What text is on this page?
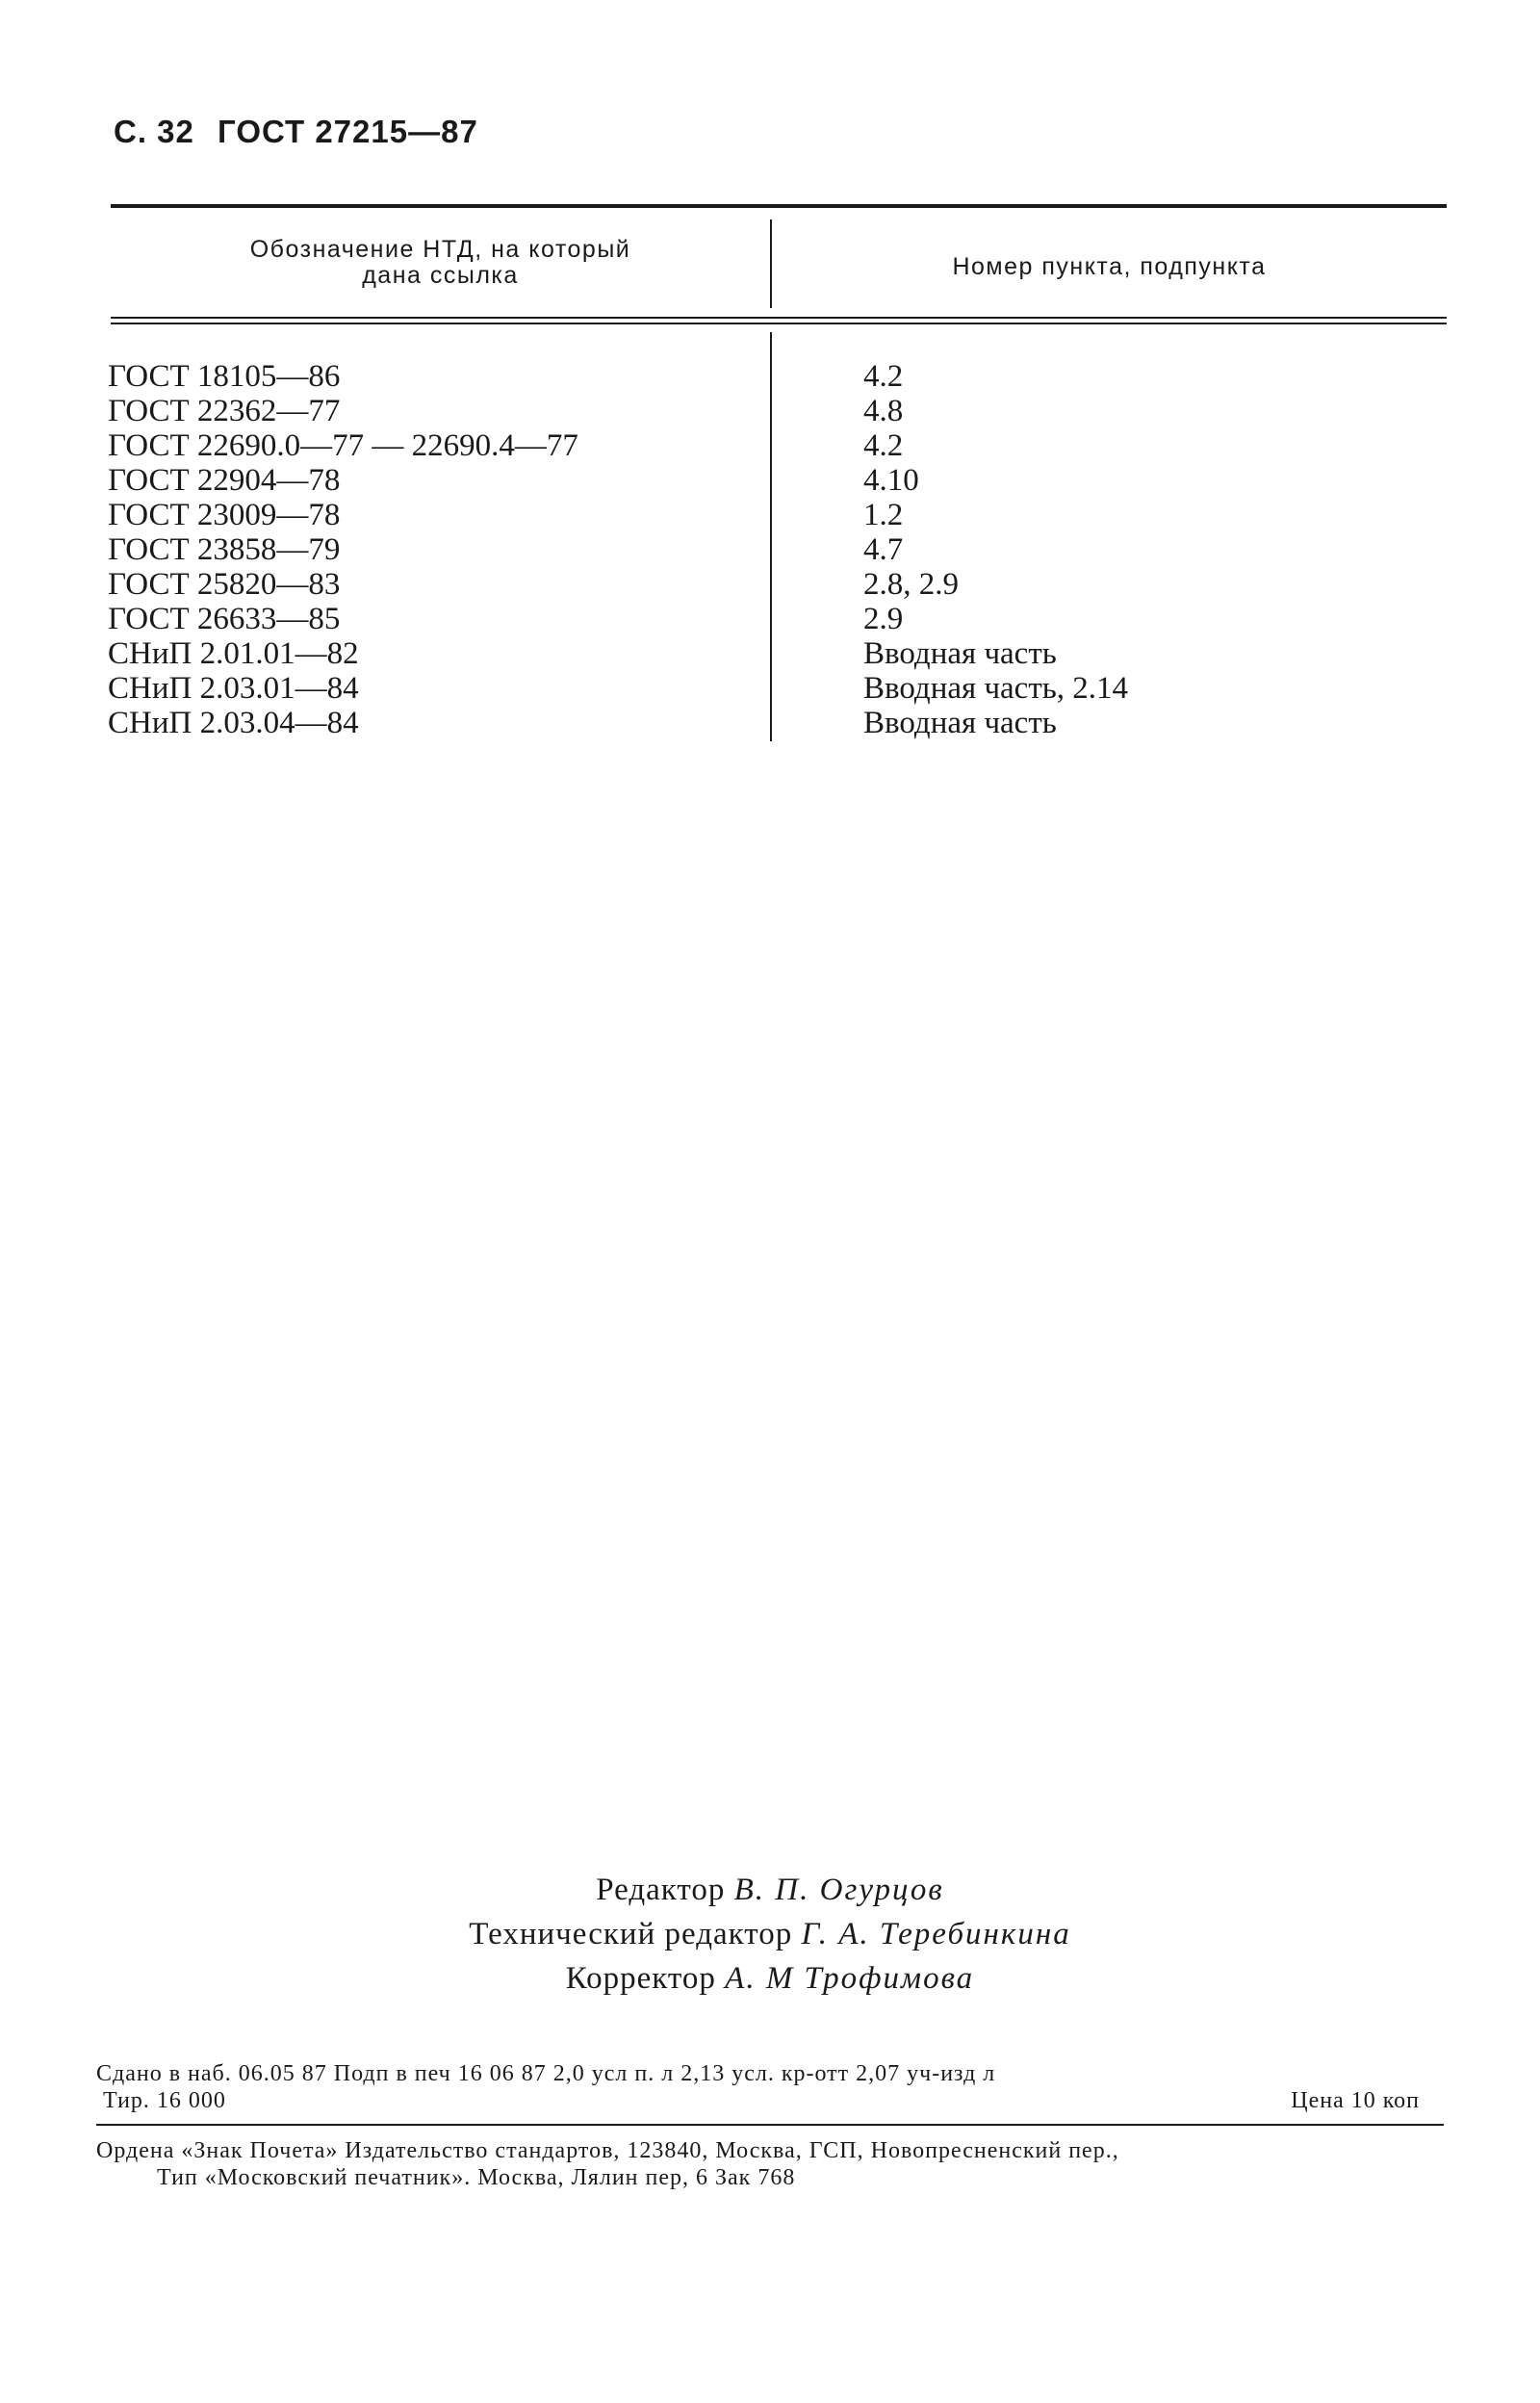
С. 32 ГОСТ 27215—87
Обозначение НТД, на который
дана ссылка	Номер пункта, подпункта
ГОСТ 18105—86
ГОСТ 22362—77
ГОСТ 22690.0—77 — 22690.4—77
ГОСТ 22904—78
ГОСТ 23009—78
ГОСТ 23858—79
ГОСТ 25820—83
ГОСТ 26633—85
СНиП 2.01.01—82
СНиП 2.03.01—84
СНиП 2.03.04—84
4.2
4.8
4.2
4.10
1.2
4.7
2.8, 2.9
2.9
Вводная часть
Вводная часть, 2.14
Вводная часть
Редактор В. П. Огурцов
Технический редактор Г. А. Теребинкина
Корректор А. М Трофимова
Сдано в наб. 06.05 87 Подп в печ 16 06 87 2,0 усл п. л 2,13 усл. кр-отт 2,07 уч-изд л
Тир. 16 000	Цена 10 коп
Ордена «Знак Почета» Издательство стандартов, 123840, Москва, ГСП, Новопресненский пер.,
Тип «Московский печатник». Москва, Лялин пер, 6 Зак 768
